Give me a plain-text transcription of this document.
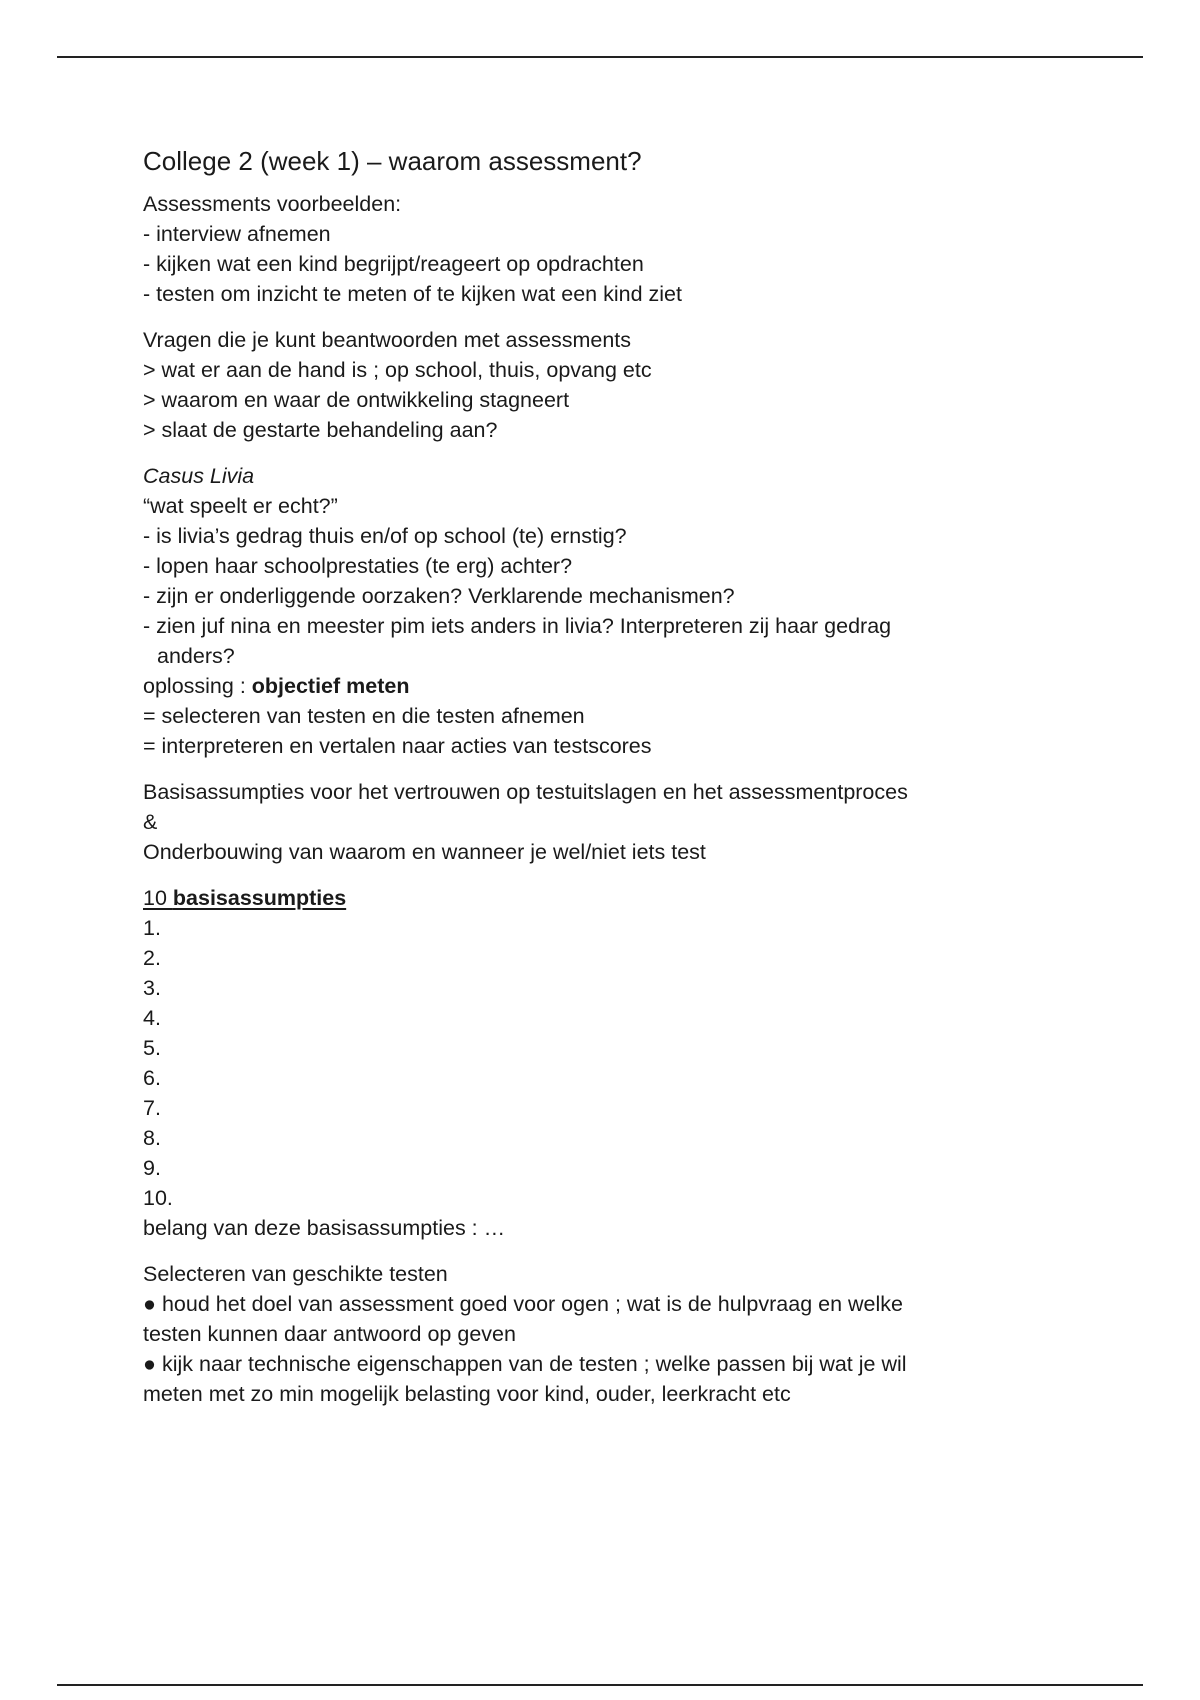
College 2 (week 1) – waarom assessment?
Assessments voorbeelden:
- interview afnemen
- kijken wat een kind begrijpt/reageert op opdrachten
- testen om inzicht te meten of te kijken wat een kind ziet
Vragen die je kunt beantwoorden met assessments
> wat er aan de hand is ; op school, thuis, opvang etc
> waarom en waar de ontwikkeling stagneert
> slaat de gestarte behandeling aan?
Casus Livia
“wat speelt er echt?”
- is livia’s gedrag thuis en/of op school (te) ernstig?
- lopen haar schoolprestaties (te erg) achter?
- zijn er onderliggende oorzaken? Verklarende mechanismen?
- zien juf nina en meester pim iets anders in livia? Interpreteren zij haar gedrag
anders?
oplossing : objectief meten
= selecteren van testen en die testen afnemen
= interpreteren en vertalen naar acties van testscores
Basisassumpties voor het vertrouwen op testuitslagen en het assessmentproces
&
Onderbouwing van waarom en wanneer je wel/niet iets test
10 basisassumpties
1.
2.
3.
4.
5.
6.
7.
8.
9.
10.
belang van deze basisassumpties : …
Selecteren van geschikte testen
● houd het doel van assessment goed voor ogen ; wat is de hulpvraag en welke
testen kunnen daar antwoord op geven
● kijk naar technische eigenschappen van de testen ; welke passen bij wat je wil
meten met zo min mogelijk belasting voor kind, ouder, leerkracht etc
